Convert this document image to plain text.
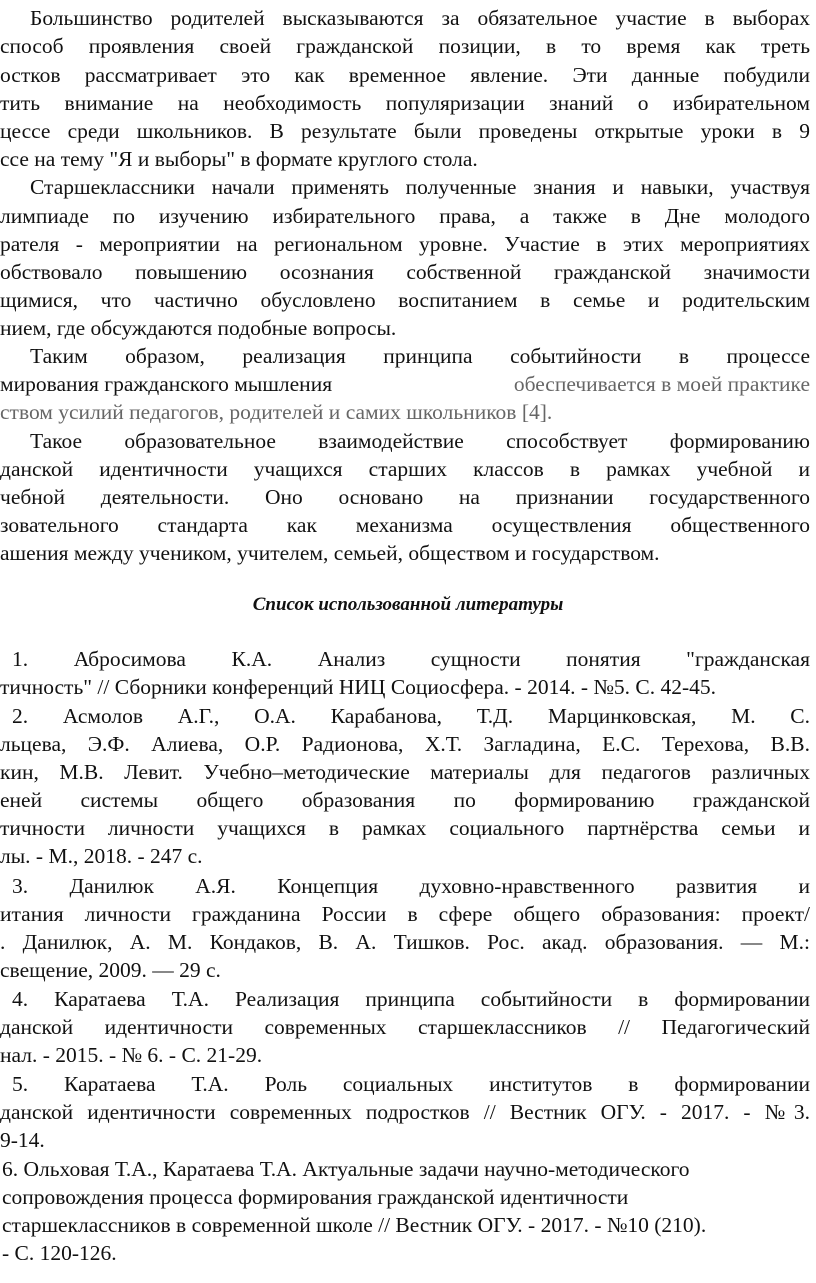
Большинство родителей высказываются за обязательное участие в выборах
способ проявления своей гражданской позиции, в то время как треть
остков рассматривает это как временное явление. Эти данные побудили
тить внимание на необходимость популяризации знаний о избирательном
цессе среди школьников. В результате были проведены открытые уроки в 9
ссе на тему "Я и выборы" в формате круглого стола.
Старшеклассники начали применять полученные знания и навыки, участвуя
лимпиаде по изучению избирательного права, а также в Дне молодого
рателя - мероприятии на региональном уровне. Участие в этих мероприятиях
обствовало повышению осознания собственной гражданской значимости
щимися, что частично обусловлено воспитанием в семье и родительским
нием, где обсуждаются подобные вопросы.
Таким образом, реализация принципа событийности в процессе
мирования гражданского мышления	обеспечивается в моей практике
ством усилий педагогов, родителей и самих школьников [4].
Такое образовательное взаимодействие способствует формированию
данской идентичности учащихся старших классов в рамках учебной и
чебной деятельности. Оно основано на признании государственного
зовательного стандарта как механизма осуществления общественного
ашения между учеником, учителем, семьей, обществом и государством.
Список использованной литературы
1. Абросимова К.А. Анализ сущности понятия "гражданская
тичность" // Сборники конференций НИЦ Социосфера. - 2014. - №5. С. 42-45.
2. Асмолов А.Г., О.А. Карабанова, Т.Д. Марцинковская, М. С.
льцева, Э.Ф. Алиева, О.Р. Радионова, Х.Т. Загладина, Е.С. Терехова, В.В.
кин, М.В. Левит. Учебно–методические материалы для педагогов различных
еней системы общего образования по формированию гражданской
тичности личности учащихся в рамках социального партнёрства семьи и
лы. - М., 2018. - 247 с.
3. Данилюк А.Я. Концепция духовно-нравственного развития и
итания личности гражданина России в сфере общего образования: проект/
. Данилюк, А. М. Кондаков, В. А. Тишков. Рос. акад. образования. ― М.:
свещение, 2009. ― 29 с.
4. Каратаева Т.А. Реализация принципа событийности в формировании
данской идентичности современных старшеклассников // Педагогический
нал. - 2015. - № 6. - С. 21-29.
5. Каратаева Т.А. Роль социальных институтов в формировании
данской идентичности современных подростков // Вестник ОГУ. - 2017. - №3.
9-14.
6. Ольховая Т.А., Каратаева Т.А. Актуальные задачи научно-методического
сопровождения процесса формирования гражданской идентичности
старшеклассников в современной школе // Вестник ОГУ. - 2017. - №10 (210).
- С. 120-126.
